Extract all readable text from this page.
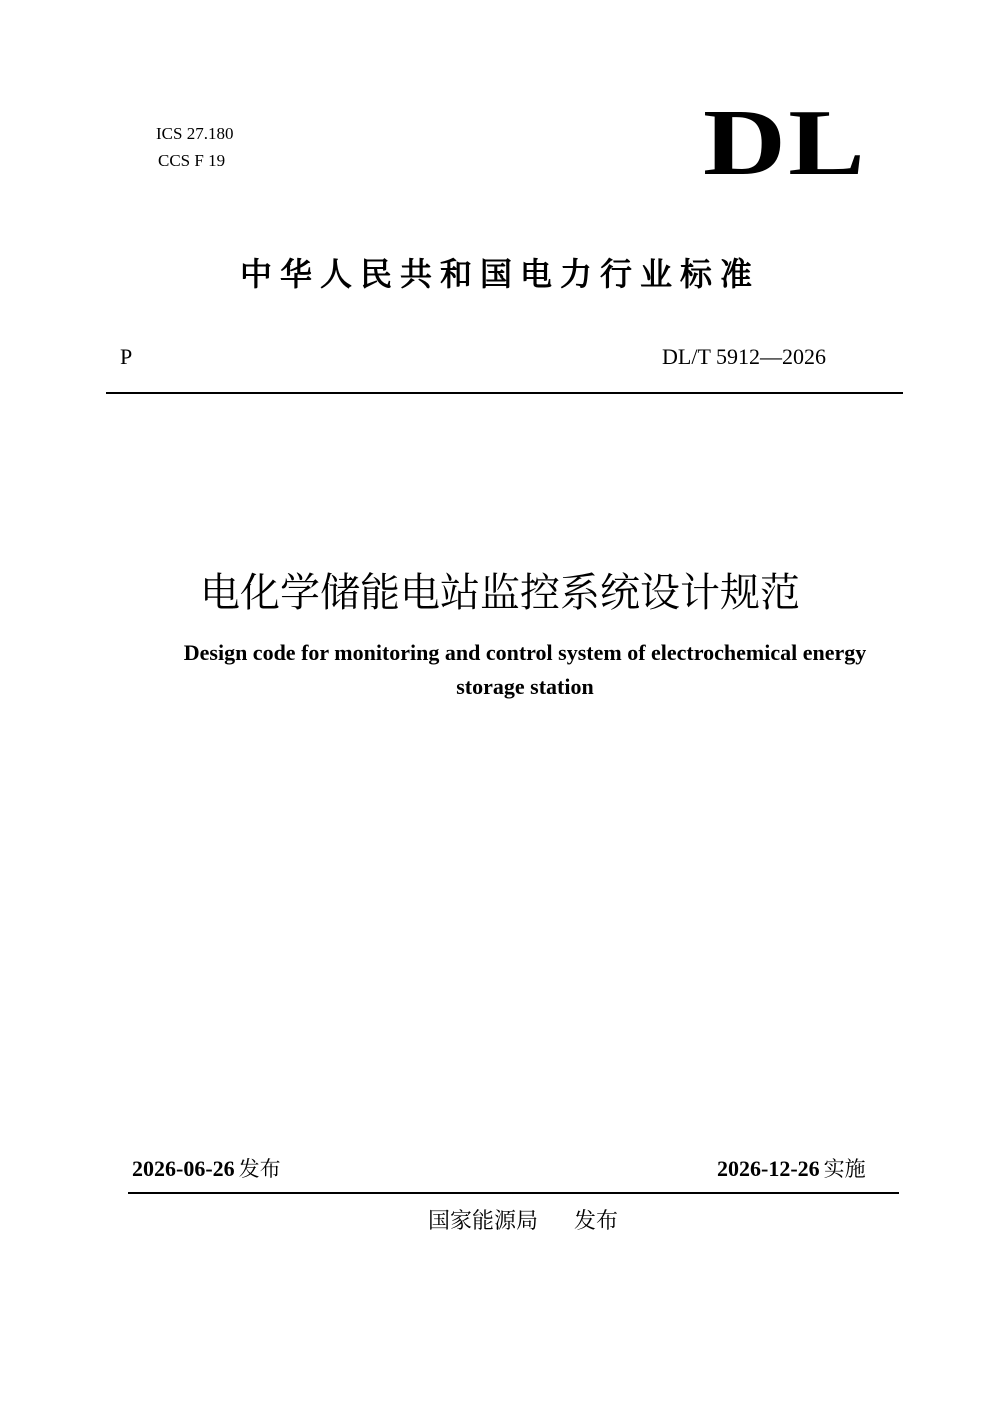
ICS 27.180
CCS F 19	DL
中华人民共和国电力行业标准
P	DL/T 5912—2026
电化学储能电站监控系统设计规范
Design code for monitoring and control system of electrochemical energy storage station
2026-06-26 发布	2026-12-26 实施
国家能源局 发布
